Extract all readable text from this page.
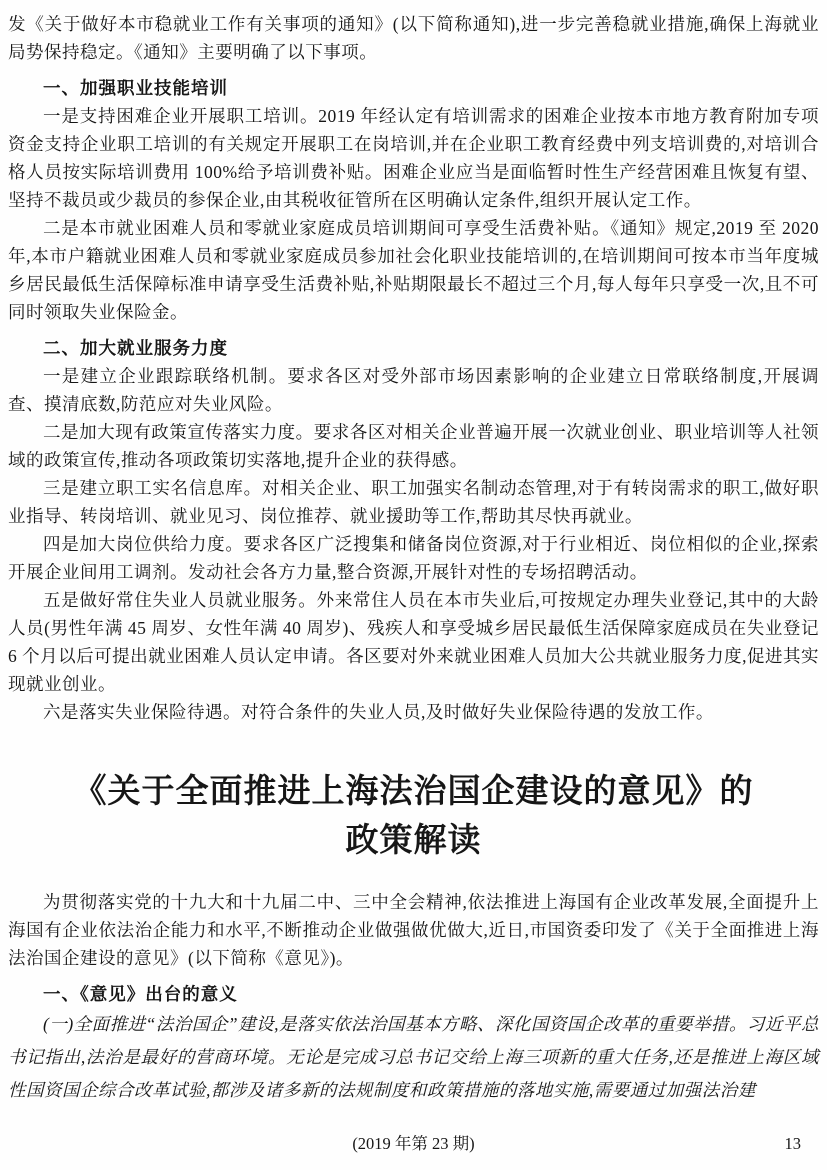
发《关于做好本市稳就业工作有关事项的通知》(以下简称通知),进一步完善稳就业措施,确保上海就业局势保持稳定。《通知》主要明确了以下事项。

一、加强职业技能培训

一是支持困难企业开展职工培训。2019 年经认定有培训需求的困难企业按本市地方教育附加专项资金支持企业职工培训的有关规定开展职工在岗培训,并在企业职工教育经费中列支培训费的,对培训合格人员按实际培训费用 100%给予培训费补贴。困难企业应当是面临暂时性生产经营困难且恢复有望、坚持不裁员或少裁员的参保企业,由其税收征管所在区明确认定条件,组织开展认定工作。

二是本市就业困难人员和零就业家庭成员培训期间可享受生活费补贴。《通知》规定,2019 至 2020 年,本市户籍就业困难人员和零就业家庭成员参加社会化职业技能培训的,在培训期间可按本市当年度城乡居民最低生活保障标准申请享受生活费补贴,补贴期限最长不超过三个月,每人每年只享受一次,且不可同时领取失业保险金。

二、加大就业服务力度

一是建立企业跟踪联络机制。要求各区对受外部市场因素影响的企业建立日常联络制度,开展调查、摸清底数,防范应对失业风险。

二是加大现有政策宣传落实力度。要求各区对相关企业普遍开展一次就业创业、职业培训等人社领域的政策宣传,推动各项政策切实落地,提升企业的获得感。

三是建立职工实名信息库。对相关企业、职工加强实名制动态管理,对于有转岗需求的职工,做好职业指导、转岗培训、就业见习、岗位推荐、就业援助等工作,帮助其尽快再就业。

四是加大岗位供给力度。要求各区广泛搜集和储备岗位资源,对于行业相近、岗位相似的企业,探索开展企业间用工调剂。发动社会各方力量,整合资源,开展针对性的专场招聘活动。

五是做好常住失业人员就业服务。外来常住人员在本市失业后,可按规定办理失业登记,其中的大龄人员(男性年满 45 周岁、女性年满 40 周岁)、残疾人和享受城乡居民最低生活保障家庭成员在失业登记 6 个月以后可提出就业困难人员认定申请。各区要对外来就业困难人员加大公共就业服务力度,促进其实现就业创业。

六是落实失业保险待遇。对符合条件的失业人员,及时做好失业保险待遇的发放工作。

《关于全面推进上海法治国企建设的意见》的
政策解读

为贯彻落实党的十九大和十九届二中、三中全会精神,依法推进上海国有企业改革发展,全面提升上海国有企业依法治企能力和水平,不断推动企业做强做优做大,近日,市国资委印发了《关于全面推进上海法治国企建设的意见》(以下简称《意见》)。

一、《意见》出台的意义

(一)全面推进“法治国企”建设,是落实依法治国基本方略、深化国资国企改革的重要举措。习近平总书记指出,法治是最好的营商环境。无论是完成习总书记交给上海三项新的重大任务,还是推进上海区域性国资国企综合改革试验,都涉及诸多新的法规制度和政策措施的落地实施,需要通过加强法治建

(2019 年第 23 期)	13
